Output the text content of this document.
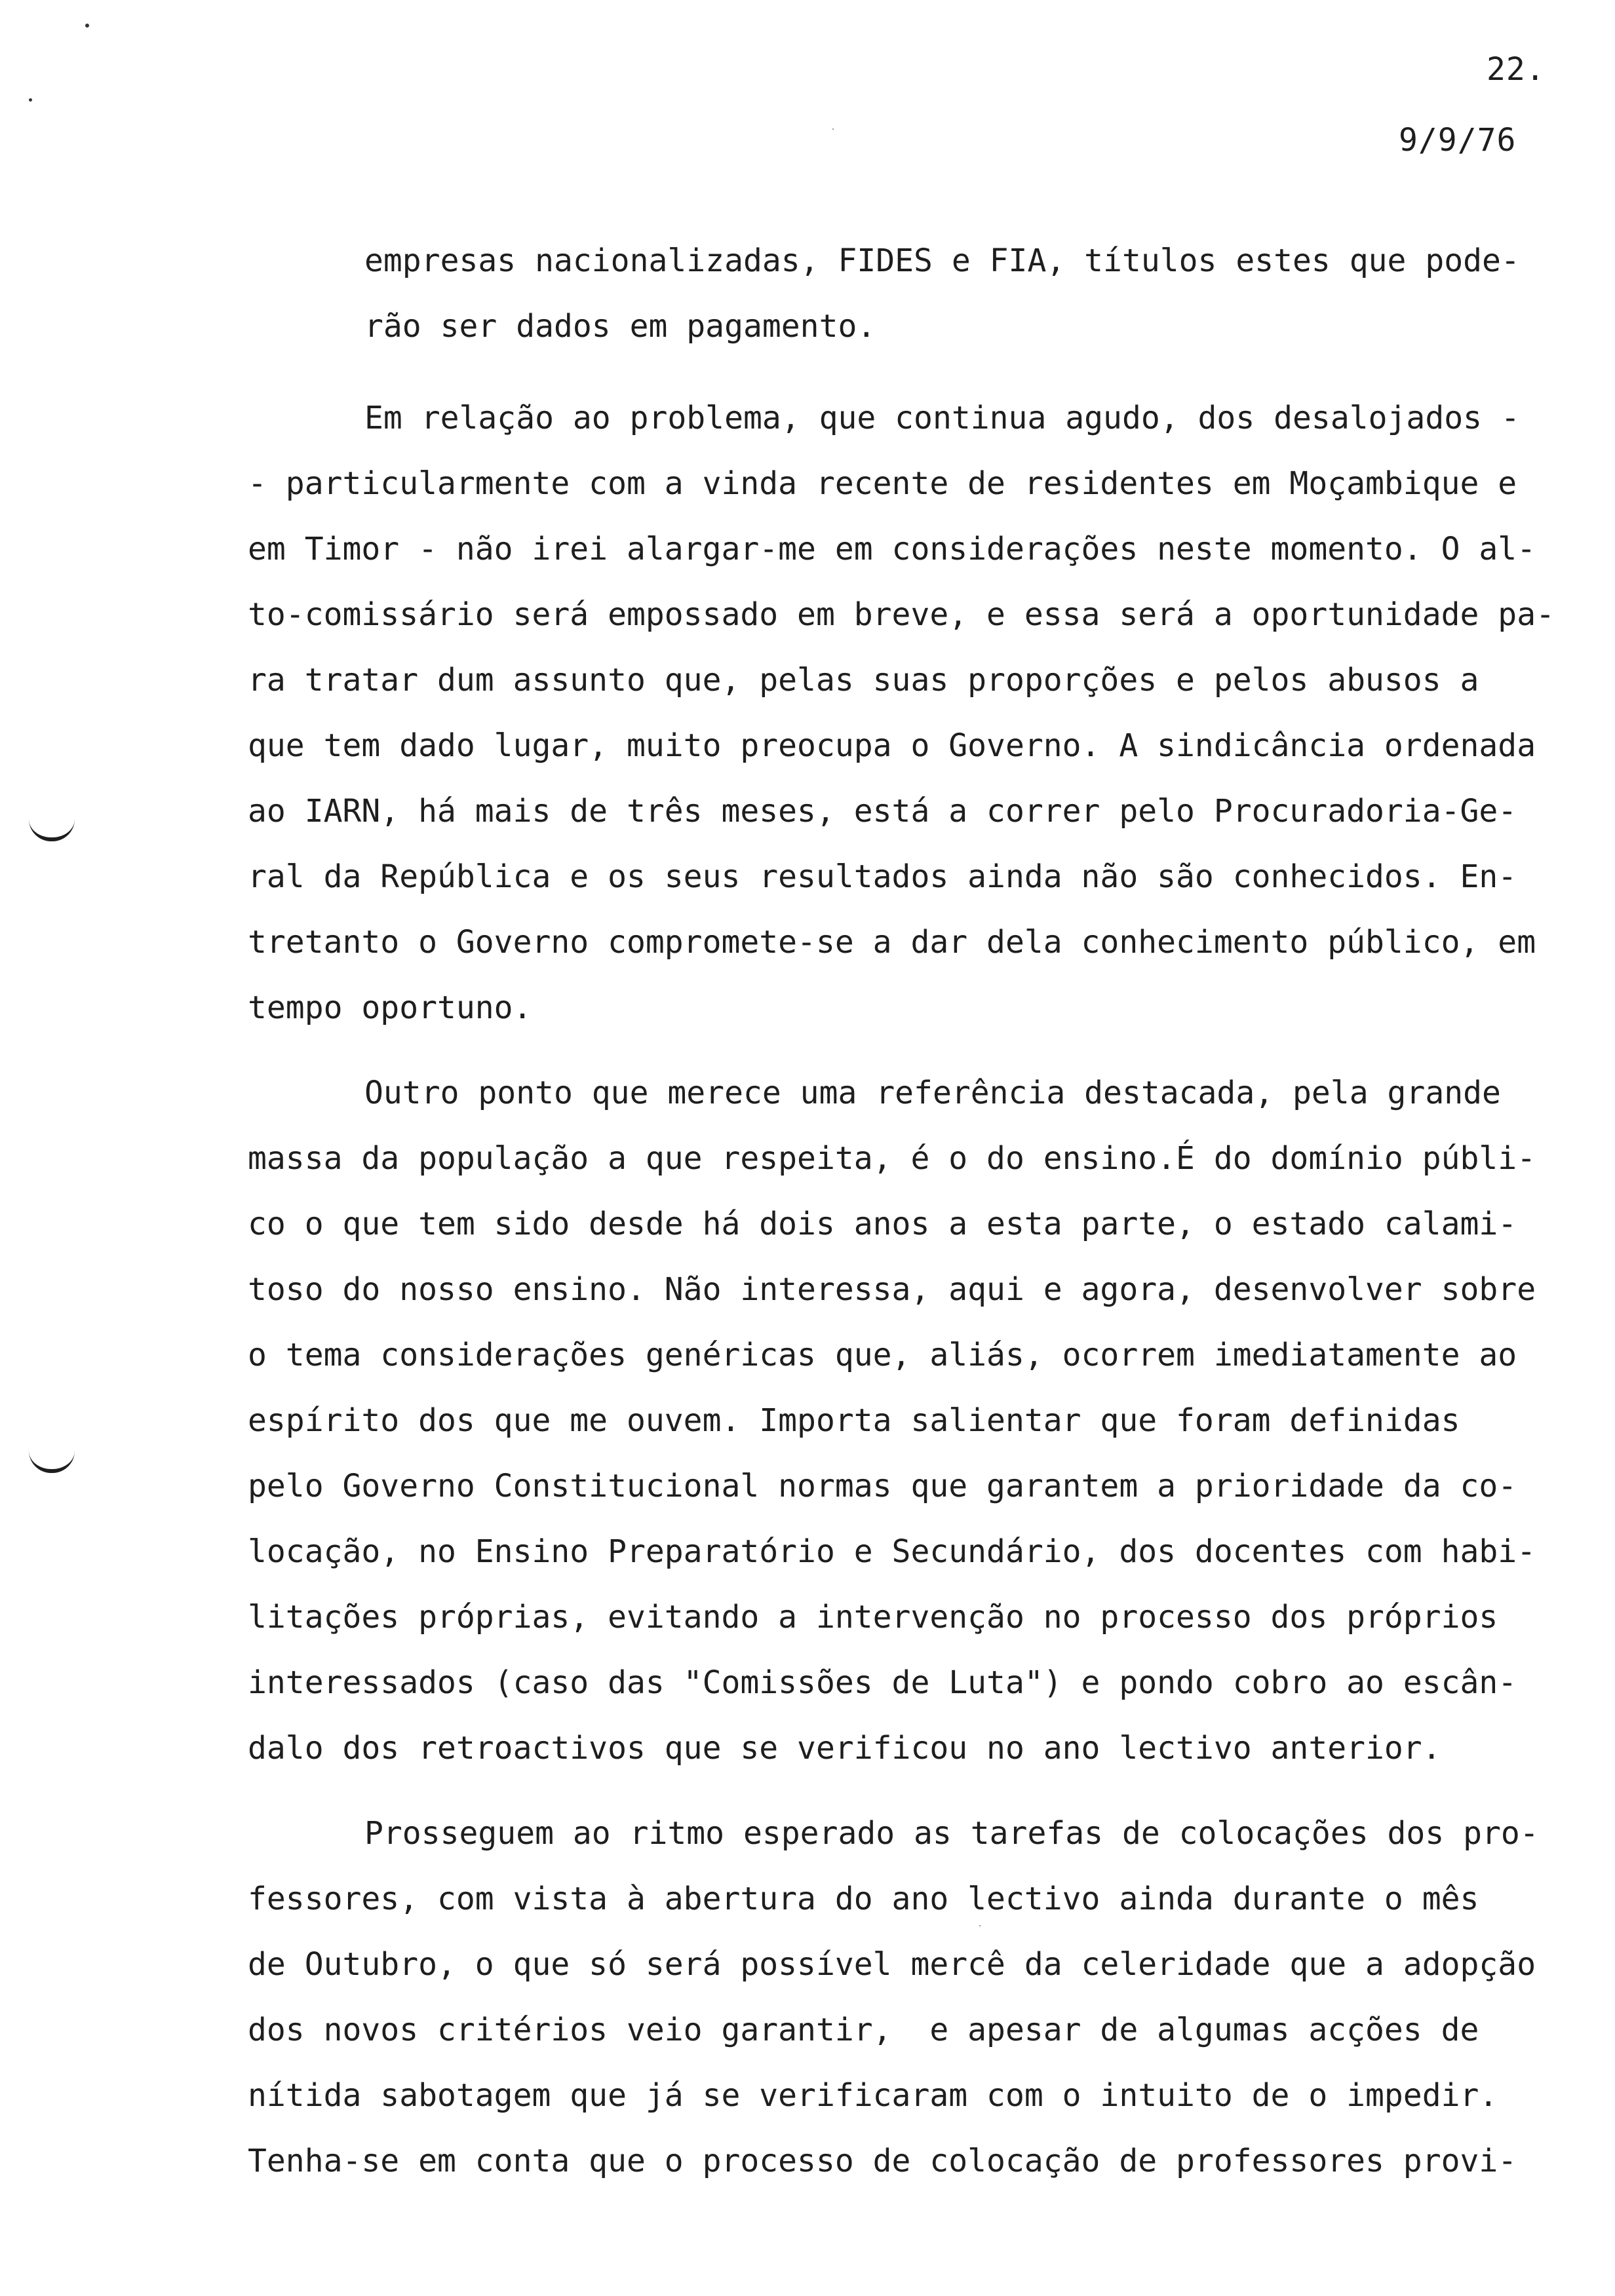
22.
9/9/76
empresas nacionalizadas, FIDES e FIA, títulos estes que pode-
rão ser dados em pagamento.
Em relação ao problema, que continua agudo, dos desalojados -
- particularmente com a vinda recente de residentes em Moçambique e
em Timor - não irei alargar-me em considerações neste momento. O al-
to-comissário será empossado em breve, e essa será a oportunidade pa-
ra tratar dum assunto que, pelas suas proporções e pelos abusos a
que tem dado lugar, muito preocupa o Governo. A sindicância ordenada
ao IARN, há mais de três meses, está a correr pelo Procuradoria-Ge-
ral da República e os seus resultados ainda não são conhecidos. En-
tretanto o Governo compromete-se a dar dela conhecimento público, em
tempo oportuno.
Outro ponto que merece uma referência destacada, pela grande
massa da população a que respeita, é o do ensino.É do domínio públi-
co o que tem sido desde há dois anos a esta parte, o estado calami-
toso do nosso ensino. Não interessa, aqui e agora, desenvolver sobre
o tema considerações genéricas que, aliás, ocorrem imediatamente ao
espírito dos que me ouvem. Importa salientar que foram definidas
pelo Governo Constitucional normas que garantem a prioridade da co-
locação, no Ensino Preparatório e Secundário, dos docentes com habi-
litações próprias, evitando a intervenção no processo dos próprios
interessados (caso das "Comissões de Luta") e pondo cobro ao escân-
dalo dos retroactivos que se verificou no ano lectivo anterior.
Prosseguem ao ritmo esperado as tarefas de colocações dos pro-
fessores, com vista à abertura do ano lectivo ainda durante o mês
de Outubro, o que só será possível mercê da celeridade que a adopção
dos novos critérios veio garantir,  e apesar de algumas acções de
nítida sabotagem que já se verificaram com o intuito de o impedir.
Tenha-se em conta que o processo de colocação de professores provi-
